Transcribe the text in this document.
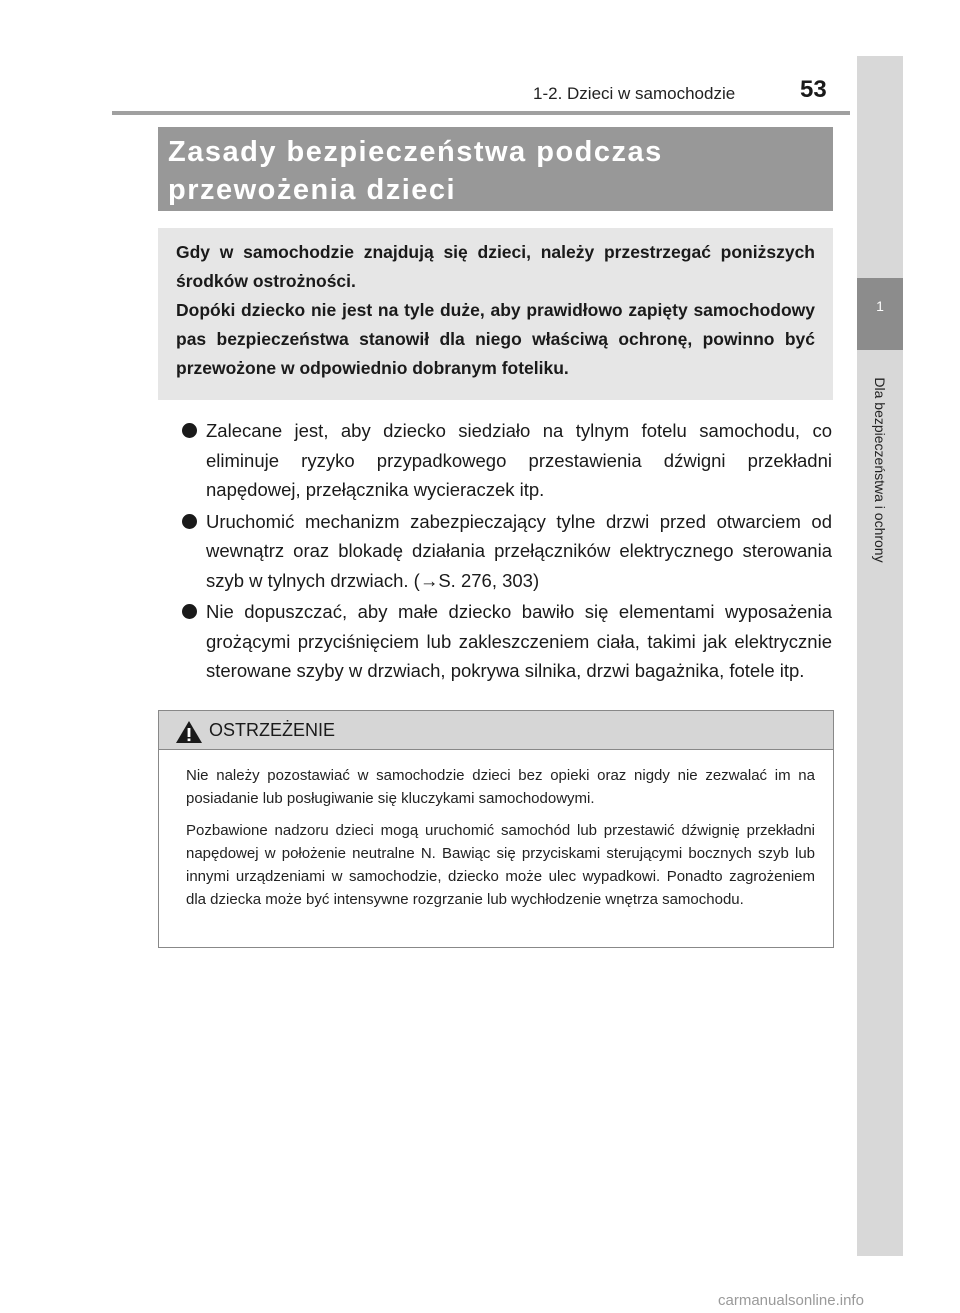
1-2. Dzieci w samochodzie	53
1
Dla bezpieczeństwa i ochrony
Zasady bezpieczeństwa podczas
przewożenia dzieci

Gdy w samochodzie znajdują się dzieci, należy przestrzegać poniższych środków ostrożności.

Dopóki dziecko nie jest na tyle duże, aby prawidłowo zapięty samochodowy pas bezpieczeństwa stanowił dla niego właściwą ochronę, powinno być przewożone w odpowiednio dobranym foteliku.

Zalecane jest, aby dziecko siedziało na tylnym fotelu samochodu, co eliminuje ryzyko przypadkowego przestawienia dźwigni przekładni napędowej, przełącznika wycieraczek itp.
Uruchomić mechanizm zabezpieczający tylne drzwi przed otwarciem od wewnątrz oraz blokadę działania przełączników elektrycznego sterowania szyb w tylnych drzwiach. (→S. 276, 303)
Nie dopuszczać, aby małe dziecko bawiło się elementami wyposażenia grożącymi przyciśnięciem lub zakleszczeniem ciała, takimi jak elektrycznie sterowane szyby w drzwiach, pokrywa silnika, drzwi bagażnika, fotele itp.
OSTRZEŻENIE

Nie należy pozostawiać w samochodzie dzieci bez opieki oraz nigdy nie zezwalać im na posiadanie lub posługiwanie się kluczykami samochodowymi.

Pozbawione nadzoru dzieci mogą uruchomić samochód lub przestawić dźwignię przekładni napędowej w położenie neutralne N. Bawiąc się przyciskami sterującymi bocznych szyb lub innymi urządzeniami w samochodzie, dziecko może ulec wypadkowi. Ponadto zagrożeniem dla dziecka może być intensywne rozgrzanie lub wychłodzenie wnętrza samochodu.

carmanualsonline.info
